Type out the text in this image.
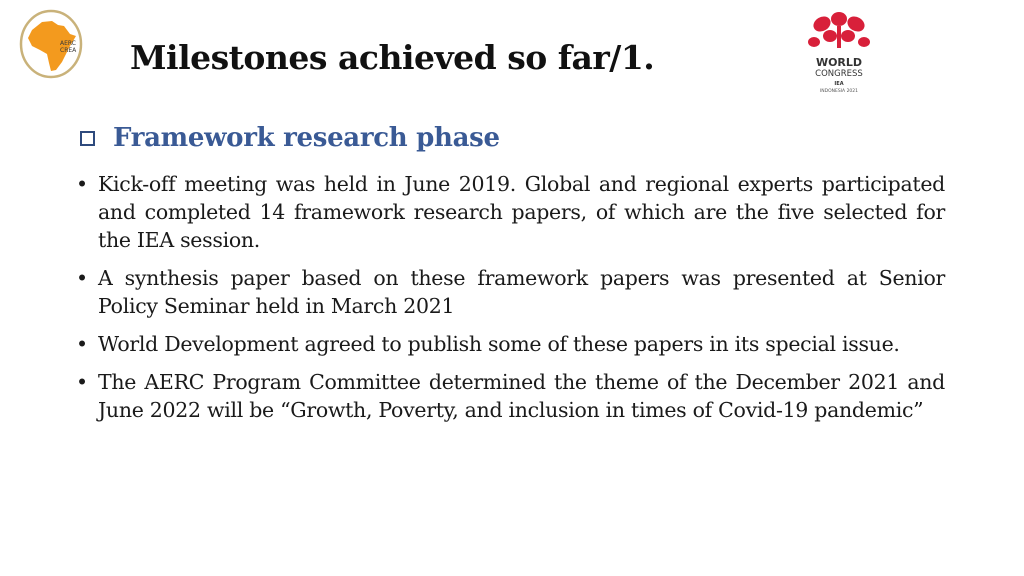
AERC
CREA Milestones achieved so far/1.	WORLD
CONGRESS
IEA
INDONESIA 2021
Framework research phase
• Kick-off meeting was held in June 2019. Global and regional experts participated and completed 14 framework research papers, of which are the five selected for the IEA session.
• A synthesis paper based on these framework papers was presented at Senior Policy Seminar held in March 2021
• World Development agreed to publish some of these papers in its special issue.
• The AERC Program Committee determined the theme of the December 2021 and June 2022 will be “Growth, Poverty, and inclusion in times of Covid-19 pandemic”
